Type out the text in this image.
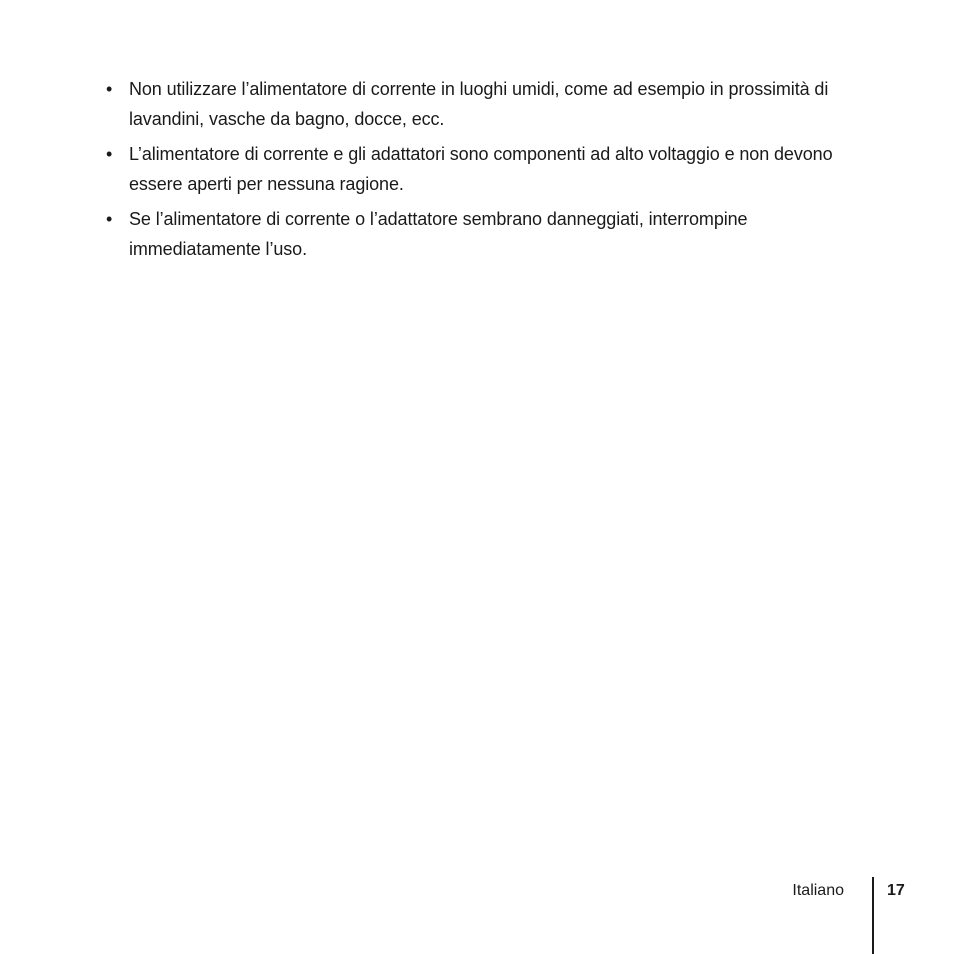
• Non utilizzare l’alimentatore di corrente in luoghi umidi, come ad esempio in prossimità di lavandini, vasche da bagno, docce, ecc.
• L’alimentatore di corrente e gli adattatori sono componenti ad alto voltaggio e non devono essere aperti per nessuna ragione.
• Se l’alimentatore di corrente o l’adattatore sembrano danneggiati, interrompine immediatamente l’uso.
Italiano	17
